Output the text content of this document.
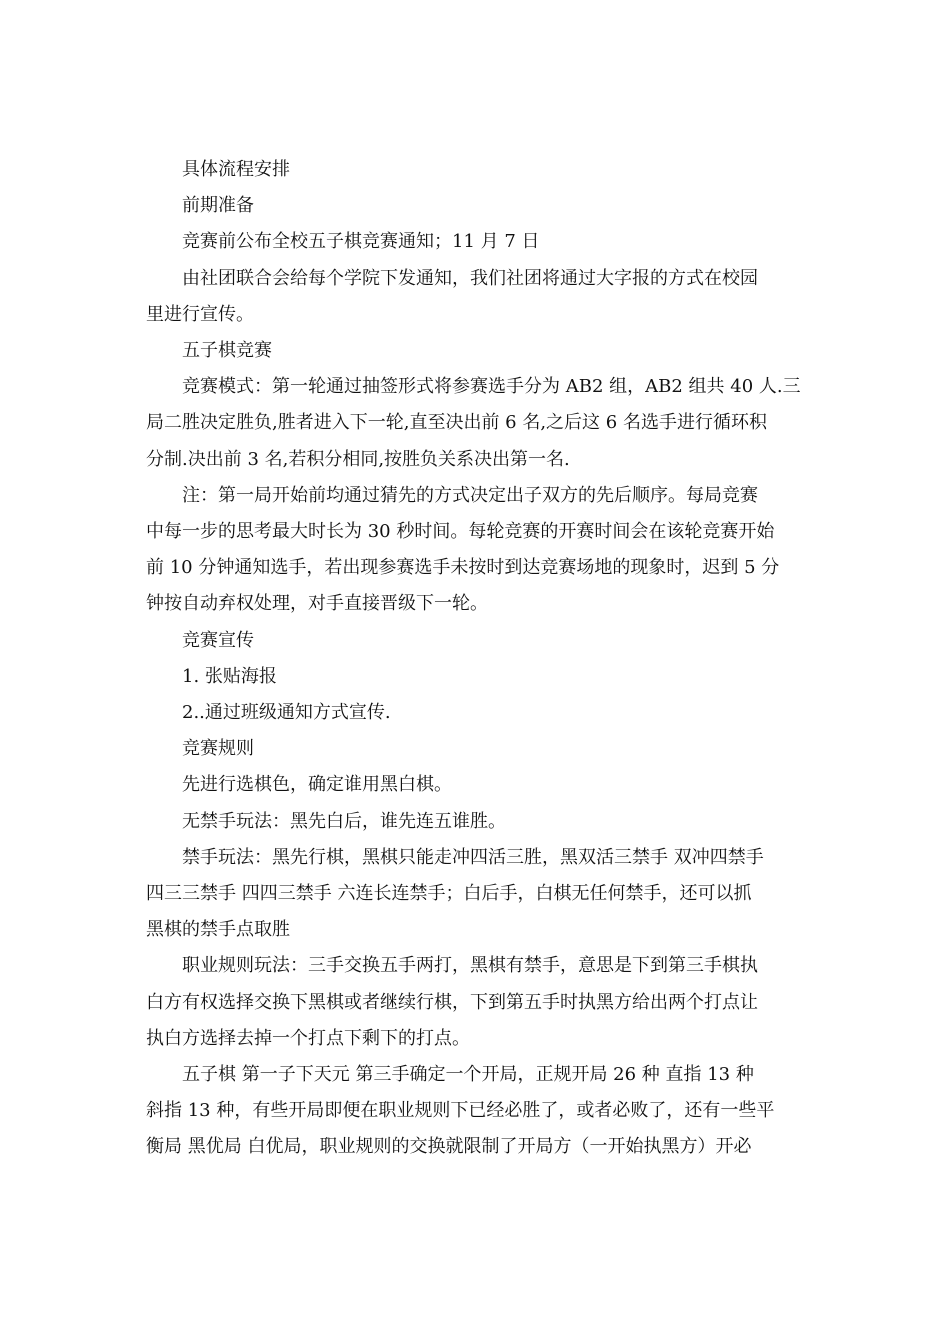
具体流程安排

前期准备

竞赛前公布全校五子棋竞赛通知；11 月 7 日

由社团联合会给每个学院下发通知，我们社团将通过大字报的方式在校园
里进行宣传。

五子棋竞赛

竞赛模式：第一轮通过抽签形式将参赛选手分为 AB2 组，AB2 组共 40 人.三
局二胜决定胜负,胜者进入下一轮,直至决出前 6 名,之后这 6 名选手进行循环积
分制.决出前 3 名,若积分相同,按胜负关系决出第一名.

注：第一局开始前均通过猜先的方式决定出子双方的先后顺序。每局竞赛
中每一步的思考最大时长为 30 秒时间。每轮竞赛的开赛时间会在该轮竞赛开始
前 10 分钟通知选手，若出现参赛选手未按时到达竞赛场地的现象时，迟到 5 分
钟按自动弃权处理，对手直接晋级下一轮。

竞赛宣传

1. 张贴海报

2..通过班级通知方式宣传.

竞赛规则

先进行选棋色，确定谁用黑白棋。

无禁手玩法：黑先白后，谁先连五谁胜。

禁手玩法：黑先行棋，黑棋只能走冲四活三胜，黑双活三禁手 双冲四禁手
四三三禁手 四四三禁手 六连长连禁手；白后手，白棋无任何禁手，还可以抓
黑棋的禁手点取胜

职业规则玩法：三手交换五手两打，黑棋有禁手，意思是下到第三手棋执
白方有权选择交换下黑棋或者继续行棋，下到第五手时执黑方给出两个打点让
执白方选择去掉一个打点下剩下的打点。

五子棋 第一子下天元 第三手确定一个开局，正规开局 26 种 直指 13 种
斜指 13 种，有些开局即便在职业规则下已经必胜了，或者必败了，还有一些平
衡局 黑优局 白优局，职业规则的交换就限制了开局方（一开始执黑方）开必
